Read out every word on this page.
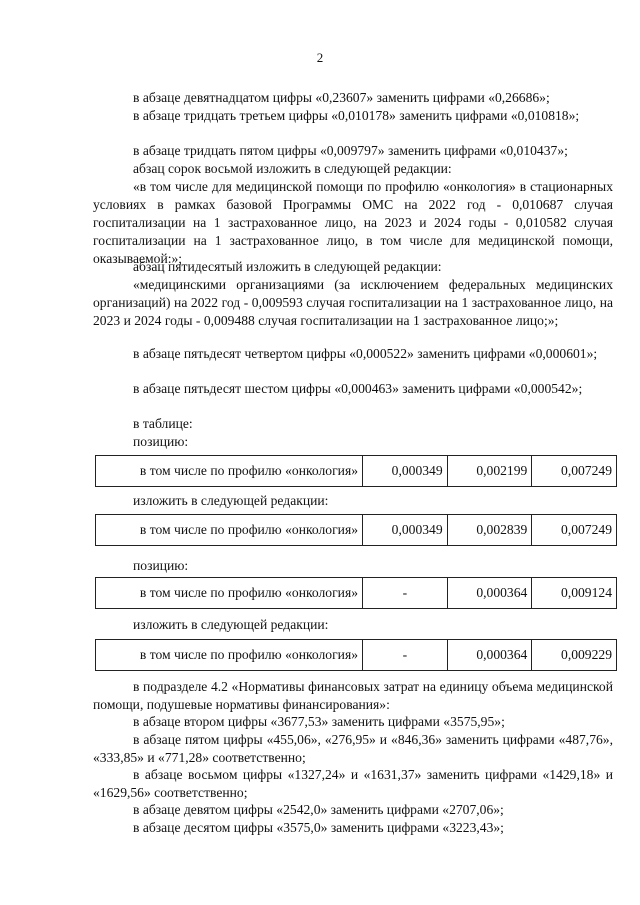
2

в абзаце девятнадцатом цифры «0,23607» заменить цифрами «0,26686»;

в абзаце тридцать третьем цифры «0,010178» заменить цифрами «0,010818»;

в абзаце тридцать пятом цифры «0,009797» заменить цифрами «0,010437»;

абзац сорок восьмой изложить в следующей редакции:

«в том числе для медицинской помощи по профилю «онкология» в стационарных условиях в рамках базовой Программы ОМС на 2022 год - 0,010687 случая госпитализации на 1 застрахованное лицо, на 2023 и 2024 годы - 0,010582 случая госпитализации на 1 застрахованное лицо, в том числе для медицинской помощи, оказываемой:»;

абзац пятидесятый изложить в следующей редакции:

«медицинскими организациями (за исключением федеральных медицинских организаций) на 2022 год - 0,009593 случая госпитализации на 1 застрахованное лицо, на 2023 и 2024 годы - 0,009488 случая госпитализации на 1 застрахованное лицо;»;

в абзаце пятьдесят четвертом цифры «0,000522» заменить цифрами «0,000601»;

в абзаце пятьдесят шестом цифры «0,000463» заменить цифрами «0,000542»;

в таблице:

позицию:

в том числе по профилю «онкология»	0,000349	0,002199	0,007249

изложить в следующей редакции:

в том числе по профилю «онкология»	0,000349	0,002839	0,007249

позицию:

в том числе по профилю «онкология»	-	0,000364	0,009124

изложить в следующей редакции:

в том числе по профилю «онкология»	-	0,000364	0,009229

в подразделе 4.2 «Нормативы финансовых затрат на единицу объема медицинской помощи, подушевые нормативы финансирования»:

в абзаце втором цифры «3677,53» заменить цифрами «3575,95»;

в абзаце пятом цифры «455,06», «276,95» и «846,36» заменить цифрами «487,76», «333,85» и «771,28» соответственно;

в абзаце восьмом цифры «1327,24» и «1631,37» заменить цифрами «1429,18» и «1629,56» соответственно;

в абзаце девятом цифры «2542,0» заменить цифрами «2707,06»;

в абзаце десятом цифры «3575,0» заменить цифрами «3223,43»;
